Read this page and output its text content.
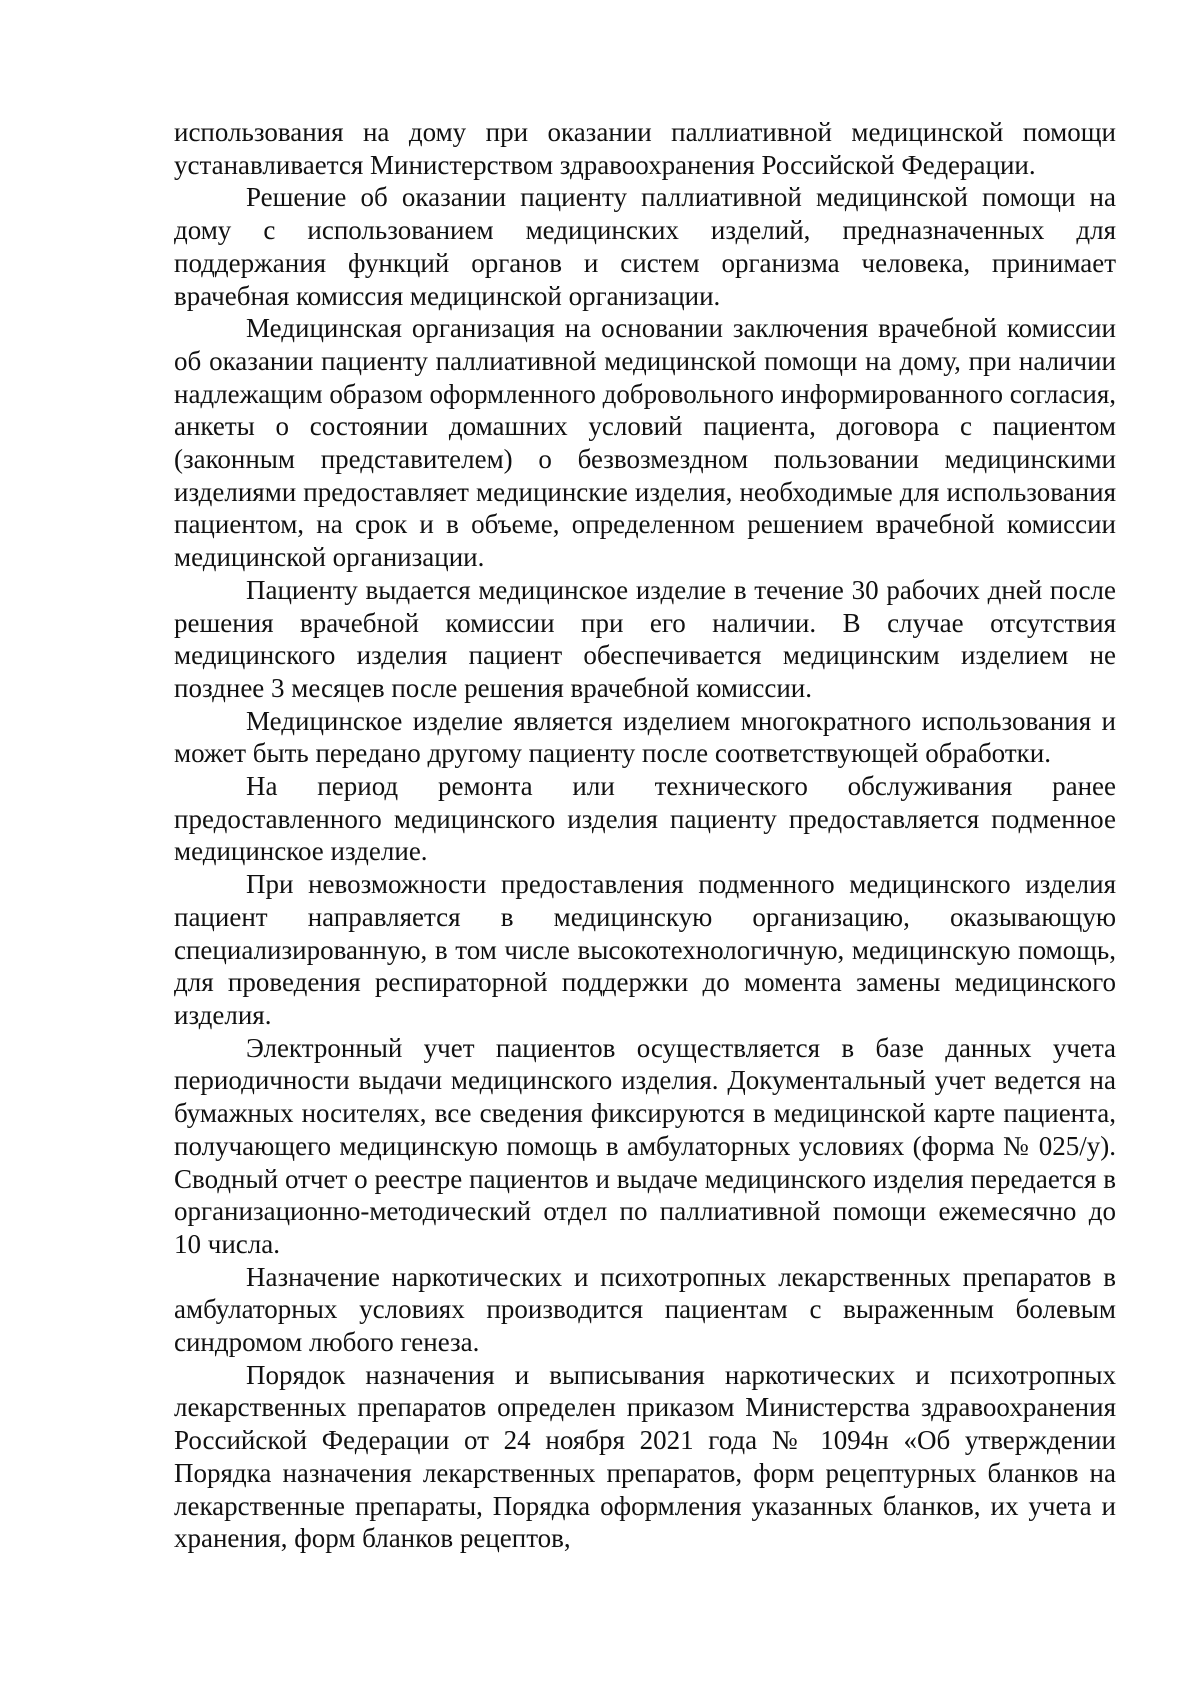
использования на дому при оказании паллиативной медицинской помощи устанавливается Министерством здравоохранения Российской Федерации.

Решение об оказании пациенту паллиативной медицинской помощи на дому с использованием медицинских изделий, предназначенных для поддержания функций органов и систем организма человека, принимает врачебная комиссия медицинской организации.

Медицинская организация на основании заключения врачебной комиссии об оказании пациенту паллиативной медицинской помощи на дому, при наличии надлежащим образом оформленного добровольного информированного согласия, анкеты о состоянии домашних условий пациента, договора с пациентом (законным представителем) о безвозмездном пользовании медицинскими изделиями предоставляет медицинские изделия, необходимые для использования пациентом, на срок и в объеме, определенном решением врачебной комиссии медицинской организации.

Пациенту выдается медицинское изделие в течение 30 рабочих дней после решения врачебной комиссии при его наличии. В случае отсутствия медицинского изделия пациент обеспечивается медицинским изделием не позднее 3 месяцев после решения врачебной комиссии.

Медицинское изделие является изделием многократного использования и может быть передано другому пациенту после соответствующей обработки.

На период ремонта или технического обслуживания ранее предоставленного медицинского изделия пациенту предоставляется подменное медицинское изделие.

При невозможности предоставления подменного медицинского изделия пациент направляется в медицинскую организацию, оказывающую специализированную, в том числе высокотехнологичную, медицинскую помощь, для проведения респираторной поддержки до момента замены медицинского изделия.

Электронный учет пациентов осуществляется в базе данных учета периодичности выдачи медицинского изделия. Документальный учет ведется на бумажных носителях, все сведения фиксируются в медицинской карте пациента, получающего медицинскую помощь в амбулаторных условиях (форма № 025/у). Сводный отчет о реестре пациентов и выдаче медицинского изделия передается в организационно-методический отдел по паллиативной помощи ежемесячно до 10 числа.

Назначение наркотических и психотропных лекарственных препаратов в амбулаторных условиях производится пациентам с выраженным болевым синдромом любого генеза.

Порядок назначения и выписывания наркотических и психотропных лекарственных препаратов определен приказом Министерства здравоохранения Российской Федерации от 24 ноября 2021 года № 1094н «Об утверждении Порядка назначения лекарственных препаратов, форм рецептурных бланков на лекарственные препараты, Порядка оформления указанных бланков, их учета и хранения, форм бланков рецептов,
